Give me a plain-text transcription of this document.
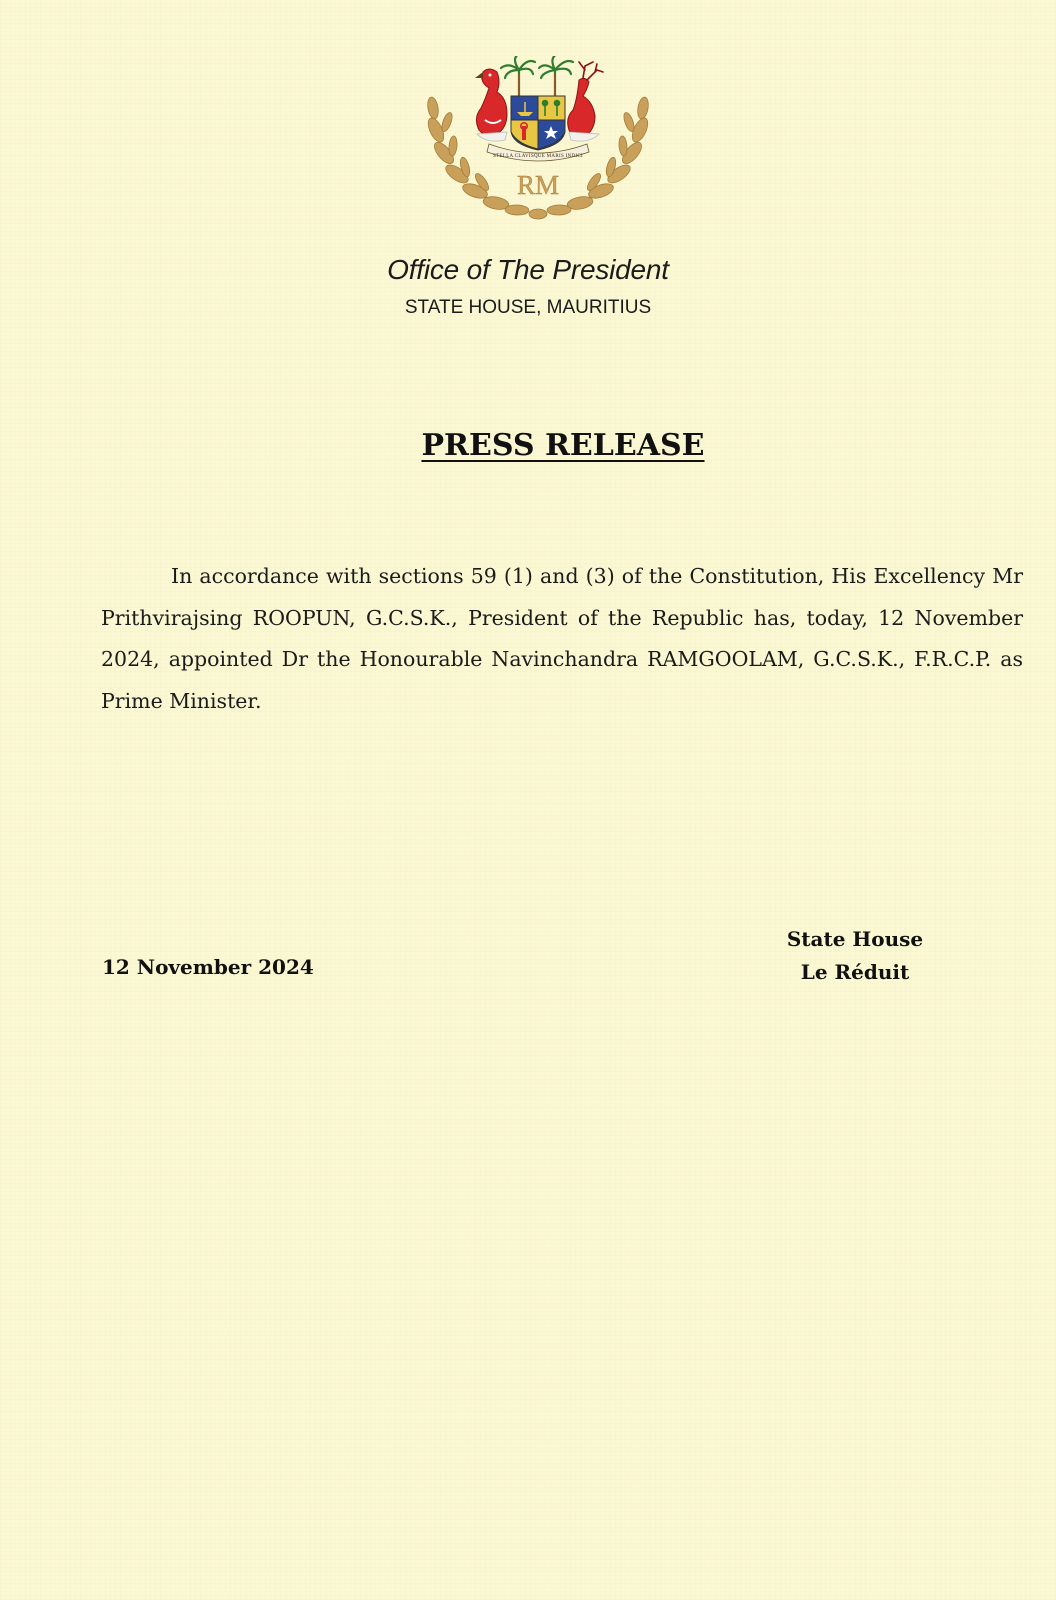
STELLA CLAVISQUE MARIS INDICI
RM
Office of The President
STATE HOUSE, MAURITIUS
PRESS RELEASE
In accordance with sections 59 (1) and (3) of the Constitution, His Excellency Mr Prithvirajsing ROOPUN, G.C.S.K., President of the Republic has, today, 12 November 2024, appointed Dr the Honourable Navinchandra RAMGOOLAM, G.C.S.K., F.R.C.P. as Prime Minister.
12 November 2024
State House
Le Réduit
